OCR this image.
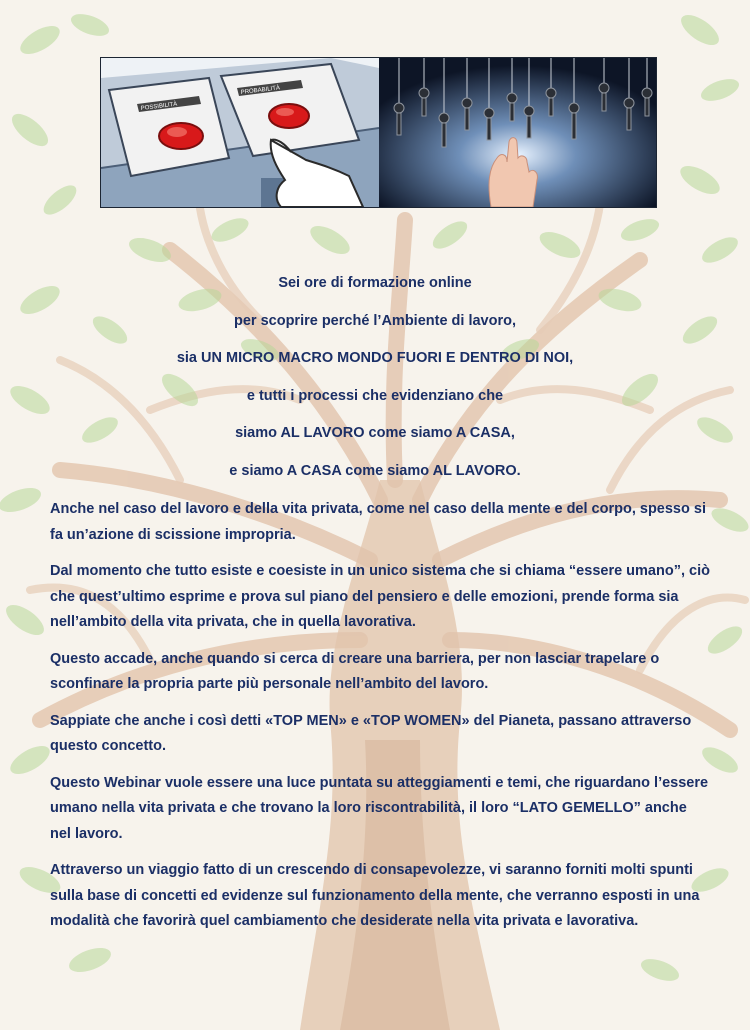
POSSIBILITÀ
PROBABILITÀ
Sei ore di formazione online
per scoprire perché l’Ambiente di lavoro,
sia UN MICRO MACRO MONDO FUORI E DENTRO DI NOI,
e tutti i processi che evidenziano che
siamo AL LAVORO come siamo A CASA,
e siamo A CASA come siamo AL LAVORO.

Anche nel caso del lavoro e della vita privata, come nel caso della mente e del corpo, spesso si fa un’azione di scissione impropria.

Dal momento che tutto esiste e coesiste in un unico sistema che si chiama “essere umano”, ciò che quest’ultimo esprime e prova sul piano del pensiero e delle emozioni, prende forma sia nell’ambito della vita privata, che in quella lavorativa.

Questo accade, anche quando si cerca di creare una barriera, per non lasciar trapelare o sconfinare la propria parte più personale nell’ambito del lavoro.

Sappiate che anche i così detti «TOP MEN» e «TOP WOMEN» del Pianeta, passano attraverso questo concetto.

Questo Webinar vuole essere una luce puntata su atteggiamenti e temi, che riguardano l’essere umano nella vita privata e che trovano la loro riscontrabilità, il loro “LATO GEMELLO” anche nel lavoro.

Attraverso un viaggio fatto di un crescendo di consapevolezze, vi saranno forniti molti spunti sulla base di concetti ed evidenze sul funzionamento della mente, che verranno esposti in una modalità che favorirà quel cambiamento che desiderate nella vita privata e lavorativa.
